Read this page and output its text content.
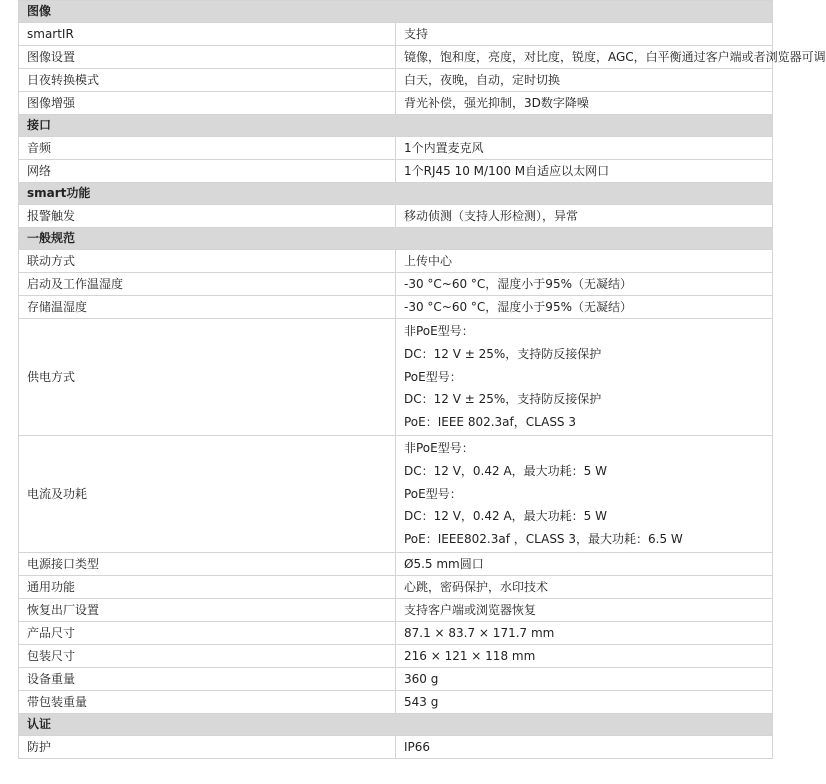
图像	
smartIR	支持
图像设置	镜像，饱和度，亮度，对比度，锐度，AGC，白平衡通过客户端或者浏览器可调
日夜转换模式	白天，夜晚，自动，定时切换
图像增强	背光补偿，强光抑制，3D数字降噪
接口	
音频	1个内置麦克风
网络	1个RJ45 10 M/100 M自适应以太网口
smart功能	
报警触发	移动侦测（支持人形检测），异常
一般规范	
联动方式	上传中心
启动及工作温湿度	-30 °C~60 °C，湿度小于95%（无凝结）
存储温湿度	-30 °C~60 °C，湿度小于95%（无凝结）
供电方式	非PoE型号：
DC：12 V ± 25%，支持防反接保护
PoE型号：
DC：12 V ± 25%，支持防反接保护
PoE：IEEE 802.3af，CLASS 3

电流及功耗	非PoE型号：
DC：12 V，0.42 A，最大功耗：5 W
PoE型号：
DC：12 V，0.42 A，最大功耗：5 W
PoE：IEEE802.3af ，CLASS 3，最大功耗：6.5 W

电源接口类型	Ø5.5 mm圆口
通用功能	心跳，密码保护，水印技术
恢复出厂设置	支持客户端或浏览器恢复
产品尺寸	87.1 × 83.7 × 171.7 mm
包装尺寸	216 × 121 × 118 mm
设备重量	360 g
带包装重量	543 g
认证	
防护	IP66
